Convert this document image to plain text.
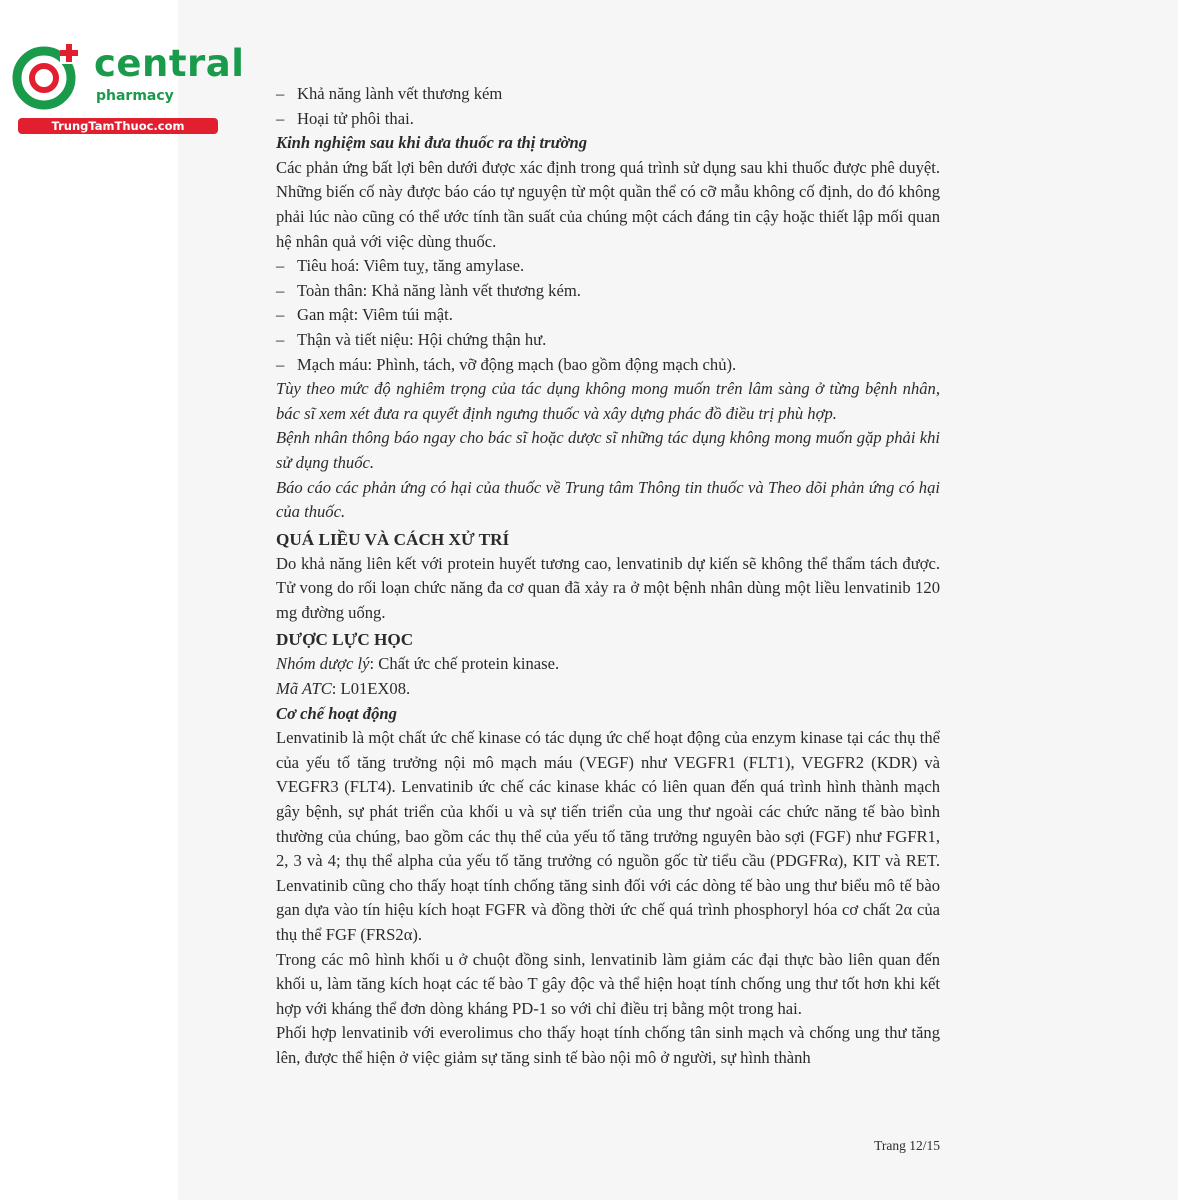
central
pharmacy
TrungTamThuoc.com

– Khả năng lành vết thương kém

– Hoại tử phôi thai.

Kinh nghiệm sau khi đưa thuốc ra thị trường

Các phản ứng bất lợi bên dưới được xác định trong quá trình sử dụng sau khi thuốc được phê duyệt. Những biến cố này được báo cáo tự nguyện từ một quần thể có cỡ mẫu không cố định, do đó không phải lúc nào cũng có thể ước tính tần suất của chúng một cách đáng tin cậy hoặc thiết lập mối quan hệ nhân quả với việc dùng thuốc.

– Tiêu hoá: Viêm tuỵ, tăng amylase.

– Toàn thân: Khả năng lành vết thương kém.

– Gan mật: Viêm túi mật.

– Thận và tiết niệu: Hội chứng thận hư.

– Mạch máu: Phình, tách, vỡ động mạch (bao gồm động mạch chủ).

Tùy theo mức độ nghiêm trọng của tác dụng không mong muốn trên lâm sàng ở từng bệnh nhân, bác sĩ xem xét đưa ra quyết định ngưng thuốc và xây dựng phác đồ điều trị phù hợp.

Bệnh nhân thông báo ngay cho bác sĩ hoặc dược sĩ những tác dụng không mong muốn gặp phải khi sử dụng thuốc.

Báo cáo các phản ứng có hại của thuốc về Trung tâm Thông tin thuốc và Theo dõi phản ứng có hại của thuốc.

QUÁ LIỀU VÀ CÁCH XỬ TRÍ

Do khả năng liên kết với protein huyết tương cao, lenvatinib dự kiến sẽ không thể thẩm tách được. Tử vong do rối loạn chức năng đa cơ quan đã xảy ra ở một bệnh nhân dùng một liều lenvatinib 120 mg đường uống.

DƯỢC LỰC HỌC

Nhóm dược lý: Chất ức chế protein kinase.

Mã ATC: L01EX08.

Cơ chế hoạt động

Lenvatinib là một chất ức chế kinase có tác dụng ức chế hoạt động của enzym kinase tại các thụ thể của yếu tố tăng trưởng nội mô mạch máu (VEGF) như VEGFR1 (FLT1), VEGFR2 (KDR) và VEGFR3 (FLT4). Lenvatinib ức chế các kinase khác có liên quan đến quá trình hình thành mạch gây bệnh, sự phát triển của khối u và sự tiến triển của ung thư ngoài các chức năng tế bào bình thường của chúng, bao gồm các thụ thể của yếu tố tăng trưởng nguyên bào sợi (FGF) như FGFR1, 2, 3 và 4; thụ thể alpha của yếu tố tăng trưởng có nguồn gốc từ tiểu cầu (PDGFRα), KIT và RET. Lenvatinib cũng cho thấy hoạt tính chống tăng sinh đối với các dòng tế bào ung thư biểu mô tế bào gan dựa vào tín hiệu kích hoạt FGFR và đồng thời ức chế quá trình phosphoryl hóa cơ chất 2α của thụ thể FGF (FRS2α).

Trong các mô hình khối u ở chuột đồng sinh, lenvatinib làm giảm các đại thực bào liên quan đến khối u, làm tăng kích hoạt các tế bào T gây độc và thể hiện hoạt tính chống ung thư tốt hơn khi kết hợp với kháng thể đơn dòng kháng PD-1 so với chỉ điều trị bằng một trong hai.

Phối hợp lenvatinib với everolimus cho thấy hoạt tính chống tân sinh mạch và chống ung thư tăng lên, được thể hiện ở việc giảm sự tăng sinh tế bào nội mô ở người, sự hình thành

Trang 12/15
